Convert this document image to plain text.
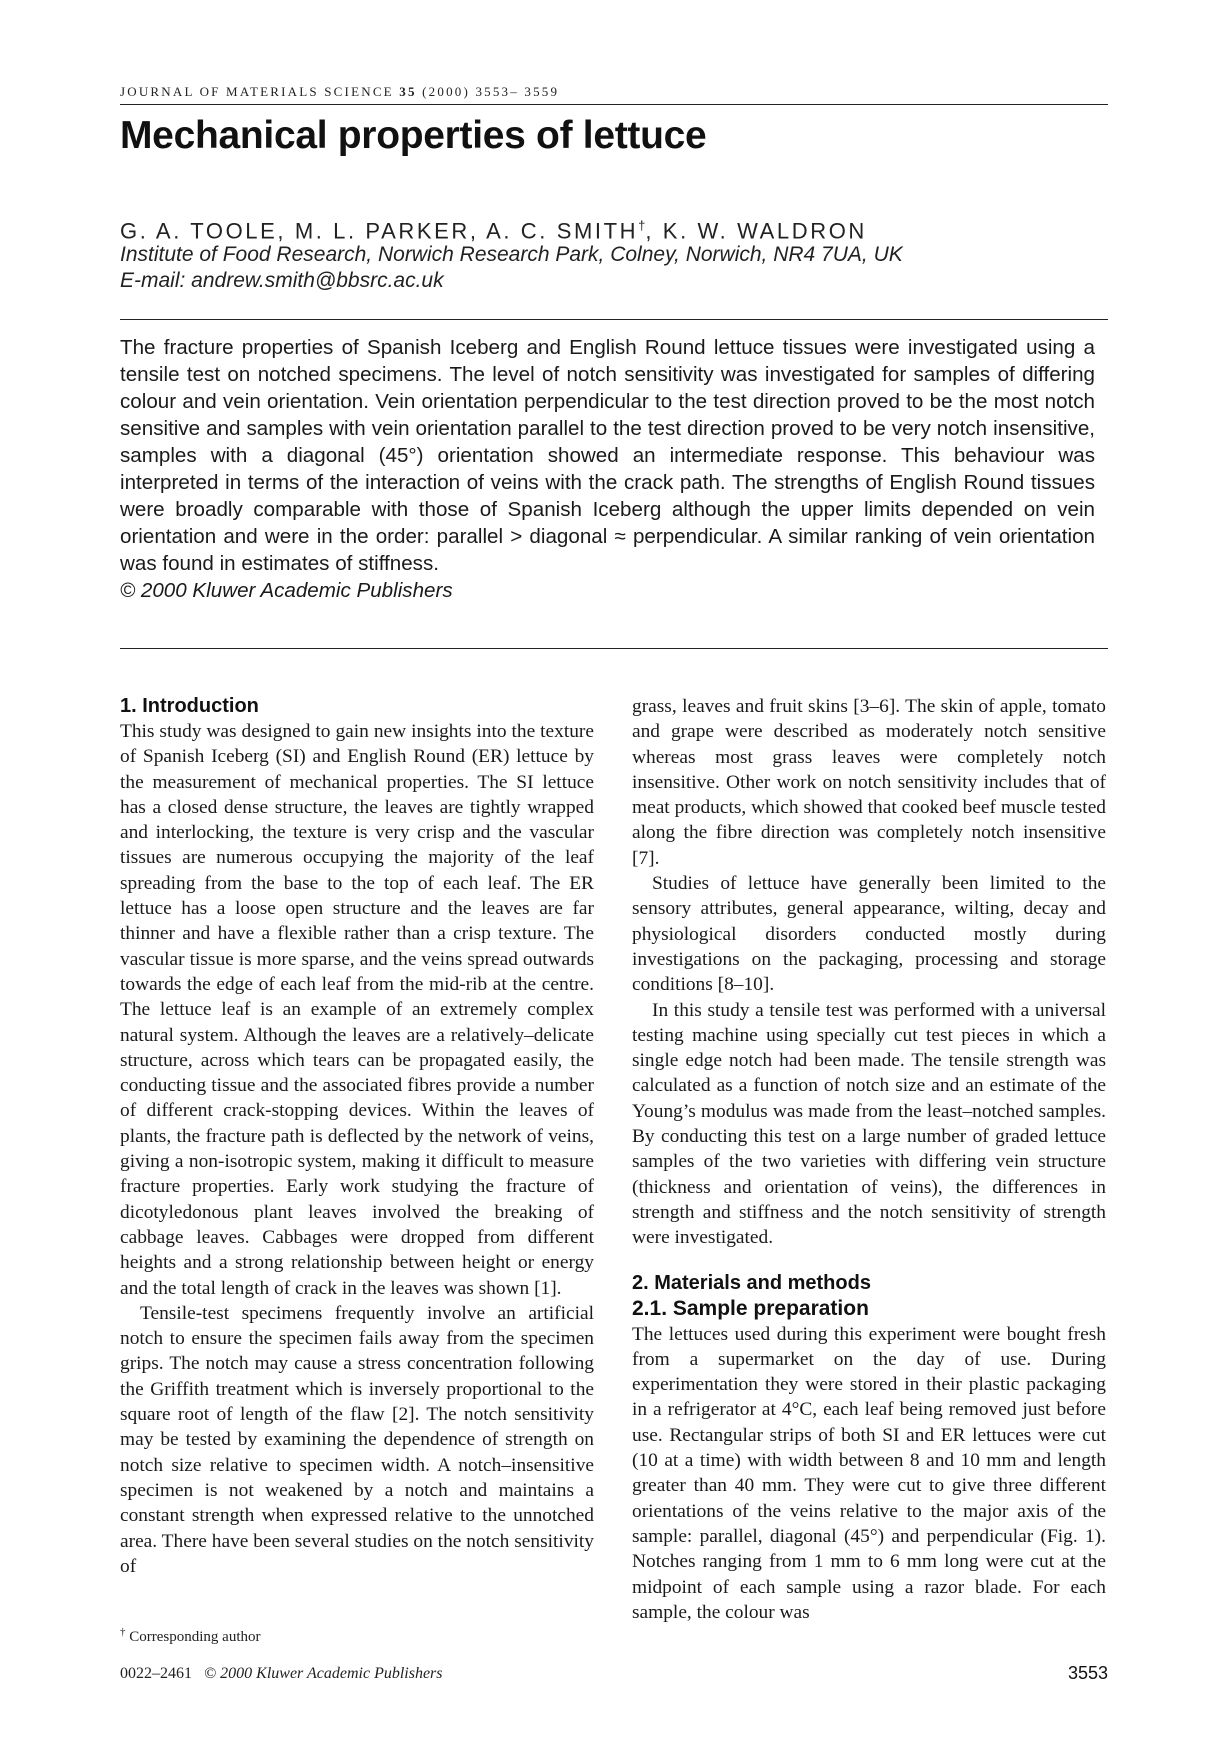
JOURNAL OF MATERIALS SCIENCE 35 (2000) 3553– 3559
Mechanical properties of lettuce
G. A. TOOLE, M. L. PARKER, A. C. SMITH†, K. W. WALDRON
Institute of Food Research, Norwich Research Park, Colney, Norwich, NR4 7UA, UK
E-mail: andrew.smith@bbsrc.ac.uk
The fracture properties of Spanish Iceberg and English Round lettuce tissues were investigated using a tensile test on notched specimens. The level of notch sensitivity was investigated for samples of differing colour and vein orientation. Vein orientation perpendicular to the test direction proved to be the most notch sensitive and samples with vein orientation parallel to the test direction proved to be very notch insensitive, samples with a diagonal (45°) orientation showed an intermediate response. This behaviour was interpreted in terms of the interaction of veins with the crack path. The strengths of English Round tissues were broadly comparable with those of Spanish Iceberg although the upper limits depended on vein orientation and were in the order: parallel > diagonal ≈ perpendicular. A similar ranking of vein orientation was found in estimates of stiffness.
© 2000 Kluwer Academic Publishers
1. Introduction

This study was designed to gain new insights into the texture of Spanish Iceberg (SI) and English Round (ER) lettuce by the measurement of mechanical properties. The SI lettuce has a closed dense structure, the leaves are tightly wrapped and interlocking, the texture is very crisp and the vascular tissues are numerous occupying the majority of the leaf spreading from the base to the top of each leaf. The ER lettuce has a loose open structure and the leaves are far thinner and have a flexible rather than a crisp texture. The vascular tissue is more sparse, and the veins spread outwards towards the edge of each leaf from the mid-rib at the centre. The lettuce leaf is an example of an extremely complex natural system. Although the leaves are a relatively–delicate structure, across which tears can be propagated easily, the conducting tissue and the associated fibres provide a number of different crack-stopping devices. Within the leaves of plants, the fracture path is deflected by the network of veins, giving a non-isotropic system, making it difficult to measure fracture properties. Early work studying the fracture of dicotyledonous plant leaves involved the breaking of cabbage leaves. Cabbages were dropped from different heights and a strong relationship between height or energy and the total length of crack in the leaves was shown [1].

Tensile-test specimens frequently involve an artificial notch to ensure the specimen fails away from the specimen grips. The notch may cause a stress concentration following the Griffith treatment which is inversely proportional to the square root of length of the flaw [2]. The notch sensitivity may be tested by examining the dependence of strength on notch size relative to specimen width. A notch–insensitive specimen is not weakened by a notch and maintains a constant strength when expressed relative to the unnotched area. There have been several studies on the notch sensitivity of

grass, leaves and fruit skins [3–6]. The skin of apple, tomato and grape were described as moderately notch sensitive whereas most grass leaves were completely notch insensitive. Other work on notch sensitivity includes that of meat products, which showed that cooked beef muscle tested along the fibre direction was completely notch insensitive [7].

Studies of lettuce have generally been limited to the sensory attributes, general appearance, wilting, decay and physiological disorders conducted mostly during investigations on the packaging, processing and storage conditions [8–10].

In this study a tensile test was performed with a universal testing machine using specially cut test pieces in which a single edge notch had been made. The tensile strength was calculated as a function of notch size and an estimate of the Young’s modulus was made from the least–notched samples. By conducting this test on a large number of graded lettuce samples of the two varieties with differing vein structure (thickness and orientation of veins), the differences in strength and stiffness and the notch sensitivity of strength were investigated.

2. Materials and methods
2.1. Sample preparation

The lettuces used during this experiment were bought fresh from a supermarket on the day of use. During experimentation they were stored in their plastic packaging in a refrigerator at 4°C, each leaf being removed just before use. Rectangular strips of both SI and ER lettuces were cut (10 at a time) with width between 8 and 10 mm and length greater than 40 mm. They were cut to give three different orientations of the veins relative to the major axis of the sample: parallel, diagonal (45°) and perpendicular (Fig. 1). Notches ranging from 1 mm to 6 mm long were cut at the midpoint of each sample using a razor blade. For each sample, the colour was

† Corresponding author
0022–2461 © 2000 Kluwer Academic Publishers	3553
